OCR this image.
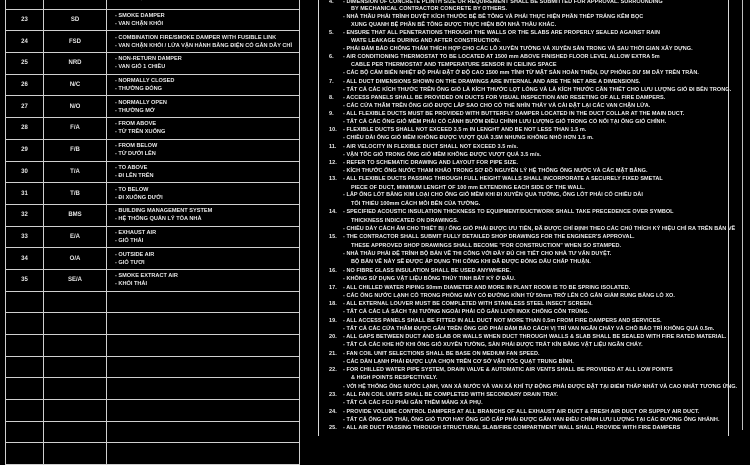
23	SD
- SMOKE DAMPER
- VAN CHẶN KHÓI
24	FSD
- COMBINATION FIRE/SMOKE DAMPER WITH FUSIBLE LINK
- VAN CHẶN KHÓI / LỬA VẬN HÀNH BẰNG ĐIỆN CÓ GẮN DÂY CHÌ
25	NRD
- NON-RETURN DAMPER
- VAN GIÓ 1 CHIỀU
26	N/C
- NORMALLY CLOSED
- THƯỜNG ĐÓNG
27	N/O
- NORMALLY OPEN
- THƯỜNG MỞ
28	F/A
- FROM ABOVE
- TỪ TRÊN XUỐNG
29	F/B
- FROM BELOW
- TỪ DƯỚI LÊN
30	T/A
- TO ABOVE
- ĐI LÊN TRÊN
31	T/B
- TO BELOW
- ĐI XUỐNG DƯỚI
32	BMS
- BUILDING MANAGEMENT SYSTEM
- HỆ THỐNG QUẢN LÝ TÒA NHÀ
33	E/A
- EXHAUST AIR
- GIÓ THẢI
34	O/A
- OUTSIDE AIR
- GIÓ TƯƠI
35	SE/A
- SMOKE EXTRACT AIR
- KHÓI THẢI
4. - DIMENSION OF CONCRETE PLINTH SIZE OR REQUIREMENT SHALL BE SUBMITTED FOR APPROVAL. SURROUNDING
BY MECHANICAL CONTRACTOR CONCRETE BY OTHERS.
- NHÀ THẦU PHẢI TRÌNH DUYỆT KÍCH THƯỚC BỆ BÊ TÔNG VÀ PHẢI THỰC HIỆN PHẦN THÉP TRÁNG KẼM BỌC
XUNG QUANH BỆ PHẦN BÊ TÔNG ĐƯỢC THỰC HIỆN BỞI NHÀ THẦU KHÁC.
5. - ENSURE THAT ALL PENETRATIONS THROUGH THE WALLS OR THE SLABS ARE PROPERLY SEALED AGAINST RAIN
WATE LEAKAGE DURING AND AFTER CONSTRUCTION.
- PHẢI ĐẢM BẢO CHỐNG THẤM THÍCH HỢP CHO CÁC LỖ XUYÊN TƯỜNG VÀ XUYÊN SÀN TRONG VÀ SAU THỜI GIAN XÂY DỰNG.
6. - AIR CONDITIONING THERMOSTAT TO BE LOCATED AT 1500 mm ABOVE FINISHED FLOOR LEVEL ALLOW EXTRA 5m
CABLE PER THERMOSTAT AND TEMPERATURE SENSOR IN CEILING SPACE
- CÁC BỘ CẢM BIẾN NHIỆT ĐỘ PHẢI ĐẶT Ở ĐỘ CAO 1500 mm TÍNH TỪ MẶT SÀN HOÀN THIỆN, DỰ PHÒNG DƯ 5M DÂY TRÊN TRẦN.
7. - ALL DUCT DIMENSIONS SHOWN ON THE DRAWINGS ARE INTERNAL AND ARE THE NET ARE A DIMENSIONS.
- TẤT CẢ CÁC KÍCH THƯỚC TRÊN ỐNG GIÓ LÀ KÍCH THƯỚC LỌT LÒNG VÀ LÀ KÍCH THƯỚC CẦN THIẾT CHO LƯU LƯỢNG GIÓ ĐI BÊN TRONG.
8. - ACCESS PANELS SHALL BE PROVIDED ON DUCTS FOR VISUAL INSPECTION AND RESETING OF ALL FIRE DAMPERS.
- CÁC CỬA THĂM TRÊN ỐNG GIÓ ĐƯỢC LẮP SAO CHO CÓ THỂ NHÌN THẤY VÀ CÀI ĐẶT LẠI CÁC VAN CHẶN LỬA.
9. - ALL FLEXIBLE DUCTS MUST BE PROVIDED WITH BUTTERFLY DAMPER LOCATED IN THE DUCT COLLAR AT THE MAIN DUCT.
- TẤT CẢ CÁC ỐNG GIÓ MỀM PHẢI CÓ CÁNH BƯỚM ĐIỀU CHỈNH LƯU LƯỢNG GIÓ TRONG CỔ NỐI TẠI ỐNG GIÓ CHÍNH.
10. - FLEXIBLE DUCTS SHALL NOT EXCEED 3.5 m IN LENGHT AND BE NOT LESS THAN 1.5 m.
- CHIỀU DÀI ỐNG GIÓ MỀM KHÔNG ĐƯỢC VƯỢT QUÁ 3.5M NHƯNG KHÔNG NHỎ HƠN 1.5 m.
11. - AIR VELOCITY IN FLEXIBLE DUCT SHALL NOT EXCEED 3.5 m/s.
- VẬN TỐC GIÓ TRONG ỐNG GIÓ MỀM KHÔNG ĐƯỢC VƯỢT QUÁ 3.5 m/s.
12. - REFER TO SCHEMATIC DRAWING AND LAYOUT FOR PIPE SIZE.
- KÍCH THƯỚC ỐNG NƯỚC THAM KHẢO TRONG SƠ ĐỒ NGUYÊN LÝ HỆ THỐNG ỐNG NƯỚC VÀ CÁC MẶT BẰNG.
13. - ALL FLEXIBLE DUCTS PASSING THROUGH FULL HEIGHT WALLS SHALL INCORPORATE A SECURELY FIXED SMETAL
PIECE OF DUCT, MINIMUM LENGHT OF 100 mm EXTENDING EACH SIDE OF THE WALL.
- LẮP ỐNG LÓT BẰNG KIM LOẠI CHO ỐNG GIÓ MỀM KHI ĐI XUYÊN QUA TƯỜNG, ỐNG LÓT PHẢI CÓ CHIỀU DÀI
TỐI THIỂU 100mm CÁCH MỖI BÊN CỦA TƯỜNG.
14. - SPECIFIED ACOUSTIC INSULATION THICKNESS TO EQUIPMENT/DUCTWORK SHALL TAKE PRECEDENCE OVER SYMBOL
THICKNESS INDICATED ON DRAWINGS.
- CHIỀU DÀY CÁCH ÂM CHO THIẾT BỊ / ỐNG GIÓ PHẢI ĐƯỢC ƯU TIÊN, ĐÃ ĐƯỢC CHỈ ĐỊNH THEO CÁC CHÚ THÍCH KÝ HIỆU CHỈ RA TRÊN BẢN VẼ
15. - THE CONTRACTOR SHALL SUBMIT FULLY DETAILED SHOP DRAWINGS FOR THE ENGINEER'S APPROVAL.
THESE APPROVED SHOP DRAWINGS SHALL BECOME "FOR CONSTRUCTION" WHEN SO STAMPED.
- NHÀ THẦU PHẢI ĐỆ TRÌNH BỘ BẢN VẼ THI CÔNG VỚI ĐẦY ĐỦ CHI TIẾT CHO NHÀ TƯ VẤN DUYỆT.
BỘ BẢN VẼ NÀY SẼ ĐƯỢC ÁP DỤNG THI CÔNG KHI ĐÃ ĐƯỢC ĐÓNG DẤU CHẤP THUẬN.
16. - NO FIBRE GLASS INSULATION SHALL BE USED ANYWHERE.
- KHÔNG SỬ DỤNG VẬT LIỆU BÔNG THỦY TINH BẤT KỲ Ở ĐÂU.
17. - ALL CHILLED WATER PIPING 50mm DIAMETER AND MORE IN PLANT ROOM IS TO BE SPRING ISOLATED.
- CÁC ỐNG NƯỚC LẠNH CÓ TRONG PHÒNG MÁY CÓ ĐƯỜNG KÍNH TỪ 50mm TRỞ LÊN CÓ GẮN GIẢM RUNG BẰNG LÒ XO.
18. - ALL EXTERNAL LOUVER MUST BE COMPLETED WITH STAINLESS STEEL INSECT SCREEN.
- TẤT CẢ CÁC LÁ SÁCH TẠI TƯỜNG NGOÀI PHẢI CÓ GẮN LƯỚI INOX CHỐNG CÔN TRÙNG.
19. - ALL ACCESS PANELS SHALL BE FITTED IN ALL DUCT NOT MORE THAN 0.5m FROM FIRE DAMPERS AND SERVICES.
- TẤT CẢ CÁC CỬA THĂM ĐƯỢC GẮN TRÊN ỐNG GIÓ PHẢI ĐẢM BẢO CÁCH VỊ TRÍ VAN NGĂN CHÁY VÀ CHỖ BẢO TRÌ KHÔNG QUÁ 0.5m.
20. - ALL GAPS BETWEEN DUCT AND SLAB OR WALLS WHEN DUCT THROUGH WALLS & SLAB SHALL BE SEALED WITH FIRE RATED MATERIAL.
- TẤT CẢ CÁC KHE HỞ KHI ỐNG GIÓ XUYÊN TƯỜNG, SÀN PHẢI ĐƯỢC TRÁT KÍN BẰNG VẬT LIỆU NGĂN CHÁY.
21. - FAN COIL UNIT SELECTIONS SHALL BE BASE ON MEDIUM FAN SPEED.
- CÁC DÀN LẠNH PHẢI ĐƯỢC LỰA CHỌN TRÊN CƠ SỞ VẬN TỐC QUẠT TRUNG BÌNH.
22. - FOR CHILLED WATER PIPE SYSTEM, DRAIN VALVE & AUTOMATIC AIR VENTS SHALL BE PROVIDED AT ALL LOW POINTS
& HIGH POINTS RESPECTIVELY.
- VỚI HỆ THỐNG ỐNG NƯỚC LẠNH, VAN XẢ NƯỚC VÀ VAN XẢ KHÍ TỰ ĐỘNG PHẢI ĐƯỢC ĐẶT TẠI ĐIỂM THẤP NHẤT VÀ CAO NHẤT TƯƠNG ỨNG.
23. - ALL FAN COIL UNITS SHALL BE COMPLETED WITH SECONDARY DRAIN TRAY.
- TẤT CẢ CÁC FCU PHẢI GẮN THÊM MÁNG XẢ PHỤ.
24. - PROVIDE VOLUME CONTROL DAMPERS AT ALL BRANCHS OF ALL EXHAUST AIR DUCT & FRESH AIR DUCT OR SUPPLY AIR DUCT.
- TẤT CẢ ỐNG GIÓ THẢI, ỐNG GIÓ TƯƠI HAY ỐNG GIÓ CẤP PHẢI ĐƯỢC GẮN VAN ĐIỀU CHỈNH LƯU LƯỢNG TẠI CÁC ĐƯỜNG ỐNG NHÁNH.
25. - ALL AIR DUCT PASSING THROUGH STRUCTURAL SLAB/FIRE COMPARTMENT WALL SHALL PROVIDE WITH FIRE DAMPERS
